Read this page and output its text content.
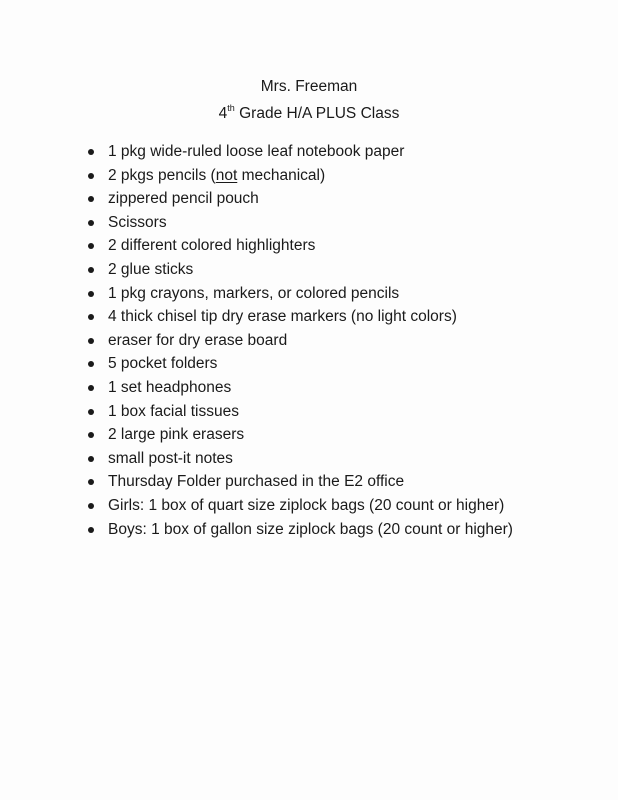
Mrs. Freeman
4th Grade H/A PLUS Class
1 pkg wide-ruled loose leaf notebook paper
2 pkgs pencils (not mechanical)
zippered pencil pouch
Scissors
2 different colored highlighters
2 glue sticks
1 pkg crayons, markers, or colored pencils
4 thick chisel tip dry erase markers (no light colors)
eraser for dry erase board
5 pocket folders
1 set headphones
1 box facial tissues
2 large pink erasers
small post-it notes
Thursday Folder purchased in the E2 office
Girls: 1 box of quart size ziplock bags (20 count or higher)
Boys: 1 box of gallon size ziplock bags (20 count or higher)
